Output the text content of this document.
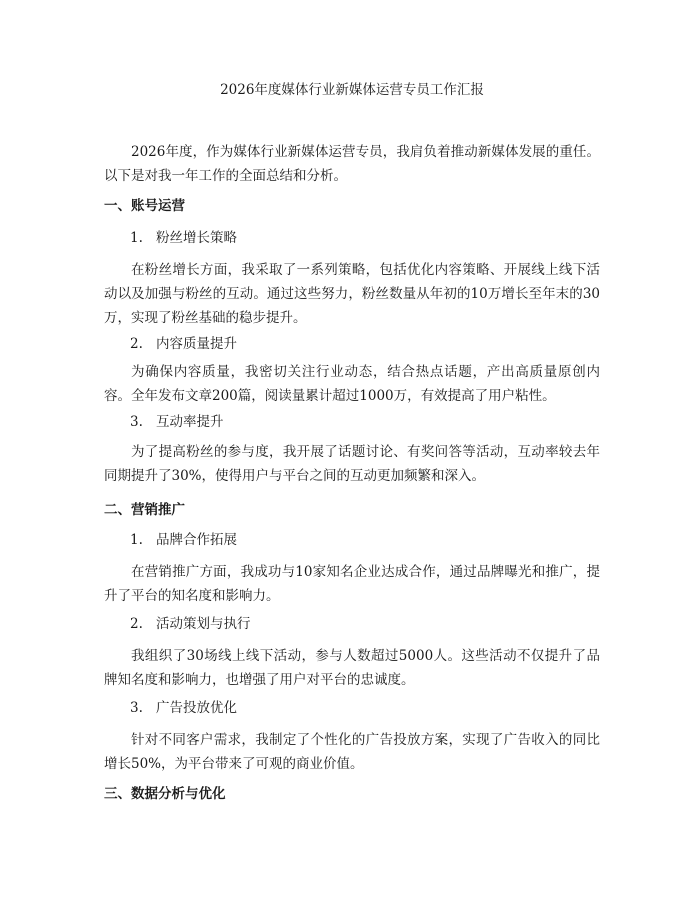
2026年度媒体行业新媒体运营专员工作汇报

2026年度，作为媒体行业新媒体运营专员，我肩负着推动新媒体发展的重任。以下是对我一年工作的全面总结和分析。

一、账号运营
1. 粉丝增长策略

在粉丝增长方面，我采取了一系列策略，包括优化内容策略、开展线上线下活动以及加强与粉丝的互动。通过这些努力，粉丝数量从年初的10万增长至年末的30万，实现了粉丝基础的稳步提升。

2. 内容质量提升

为确保内容质量，我密切关注行业动态，结合热点话题，产出高质量原创内容。全年发布文章200篇，阅读量累计超过1000万，有效提高了用户粘性。

3. 互动率提升

为了提高粉丝的参与度，我开展了话题讨论、有奖问答等活动，互动率较去年同期提升了30%，使得用户与平台之间的互动更加频繁和深入。

二、营销推广
1. 品牌合作拓展

在营销推广方面，我成功与10家知名企业达成合作，通过品牌曝光和推广，提升了平台的知名度和影响力。

2. 活动策划与执行

我组织了30场线上线下活动，参与人数超过5000人。这些活动不仅提升了品牌知名度和影响力，也增强了用户对平台的忠诚度。

3. 广告投放优化

针对不同客户需求，我制定了个性化的广告投放方案，实现了广告收入的同比增长50%，为平台带来了可观的商业价值。

三、数据分析与优化
